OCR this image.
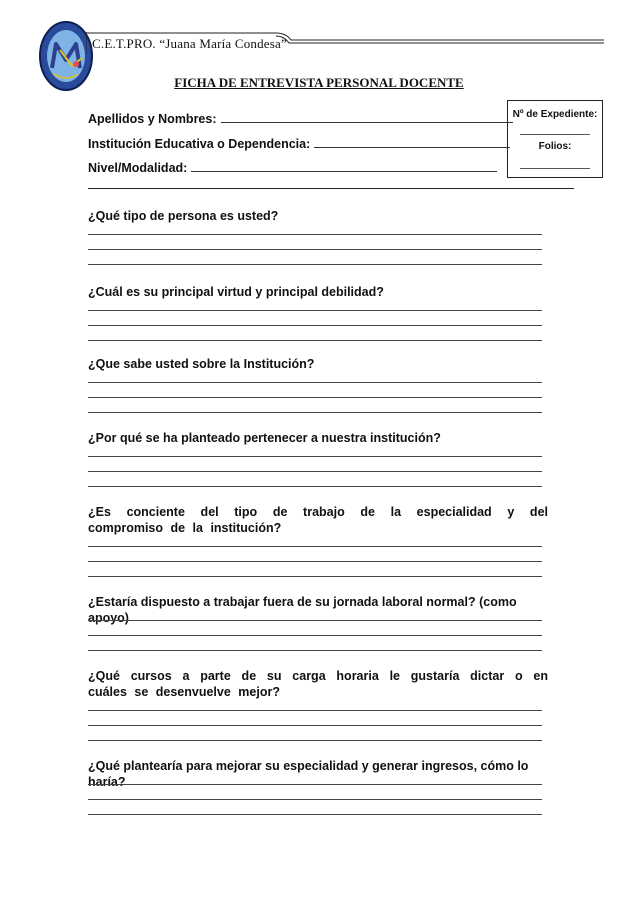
C.E.T.PRO. “Juana María Condesa”
FICHA DE ENTREVISTA PERSONAL DOCENTE
Nº de Expediente:
Folios:
Apellidos y Nombres:
Institución Educativa o Dependencia:
Nivel/Modalidad:
¿Qué tipo de persona es usted?
¿Cuál es su principal virtud y principal debilidad?
¿Que sabe usted sobre la Institución?
¿Por qué se ha planteado pertenecer a nuestra institución?
¿Es conciente del tipo de trabajo de la especialidad y del compromiso de la institución?
¿Estaría dispuesto a trabajar fuera de su jornada laboral normal? (como apoyo)
¿Qué cursos a parte de su carga horaria le gustaría dictar o en cuáles se desenvuelve mejor?
¿Qué plantearía para mejorar su especialidad y generar ingresos, cómo lo haría?
